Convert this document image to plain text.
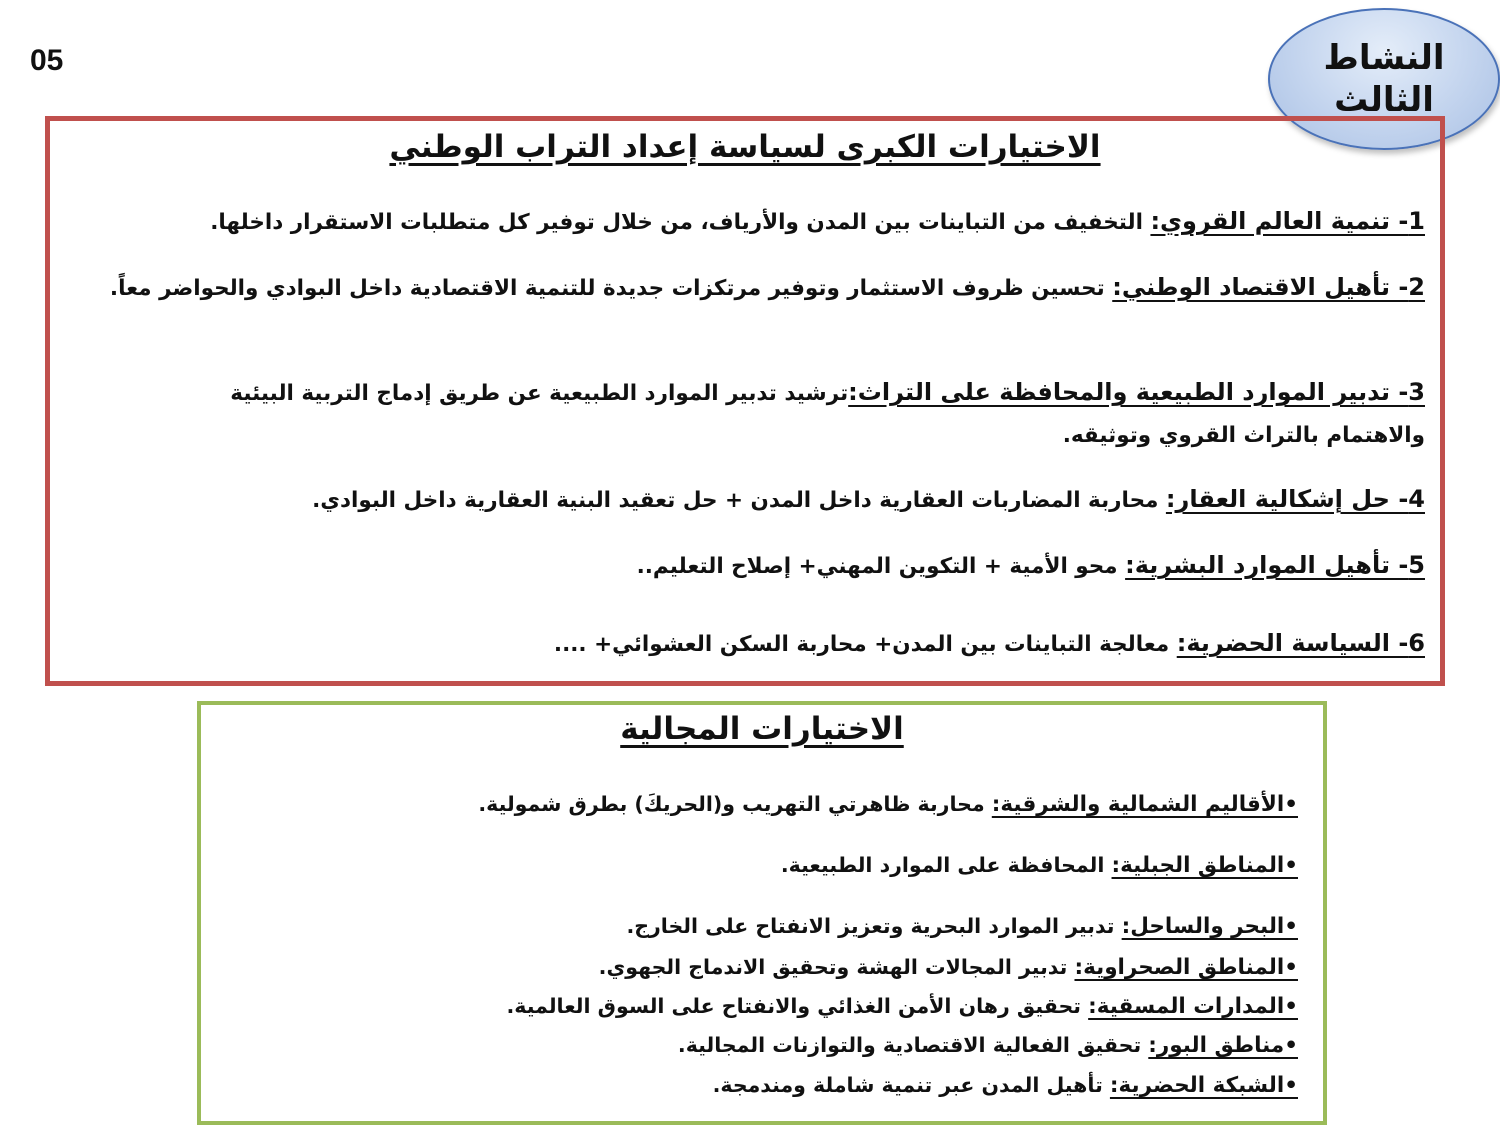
05	النشاط
الثالث
الاختيارات الكبرى لسياسة إعداد التراب الوطني
1- تنمية العالم القروي: التخفيف من التباينات بين المدن والأرياف، من خلال توفير كل متطلبات الاستقرار داخلها.
2- تأهيل الاقتصاد الوطني: تحسين ظروف الاستثمار وتوفير مرتكزات جديدة للتنمية الاقتصادية داخل البوادي والحواضر معاً.
3- تدبير الموارد الطبيعية والمحافظة على التراث:ترشيد تدبير الموارد الطبيعية عن طريق إدماج التربية البيئية والاهتمام بالتراث القروي وتوثيقه.
4- حل إشكالية العقار: محاربة المضاربات العقارية داخل المدن + حل تعقيد البنية العقارية داخل البوادي.
5- تأهيل الموارد البشرية: محو الأمية + التكوين المهني+ إصلاح التعليم..
6- السياسة الحضرية: معالجة التباينات بين المدن+ محاربة السكن العشوائي+ ....
الاختيارات المجالية
•الأقاليم الشمالية والشرقية: محاربة ظاهرتي التهريب و(الحريكَ) بطرق شمولية.
•المناطق الجبلية: المحافظة على الموارد الطبيعية.
•البحر والساحل: تدبير الموارد البحرية وتعزيز الانفتاح على الخارج.
•المناطق الصحراوية: تدبير المجالات الهشة وتحقيق الاندماج الجهوي.
•المدارات المسقية: تحقيق رهان الأمن الغذائي والانفتاح على السوق العالمية.
•مناطق البور: تحقيق الفعالية الاقتصادية والتوازنات المجالية.
•الشبكة الحضرية: تأهيل المدن عبر تنمية شاملة ومندمجة.
